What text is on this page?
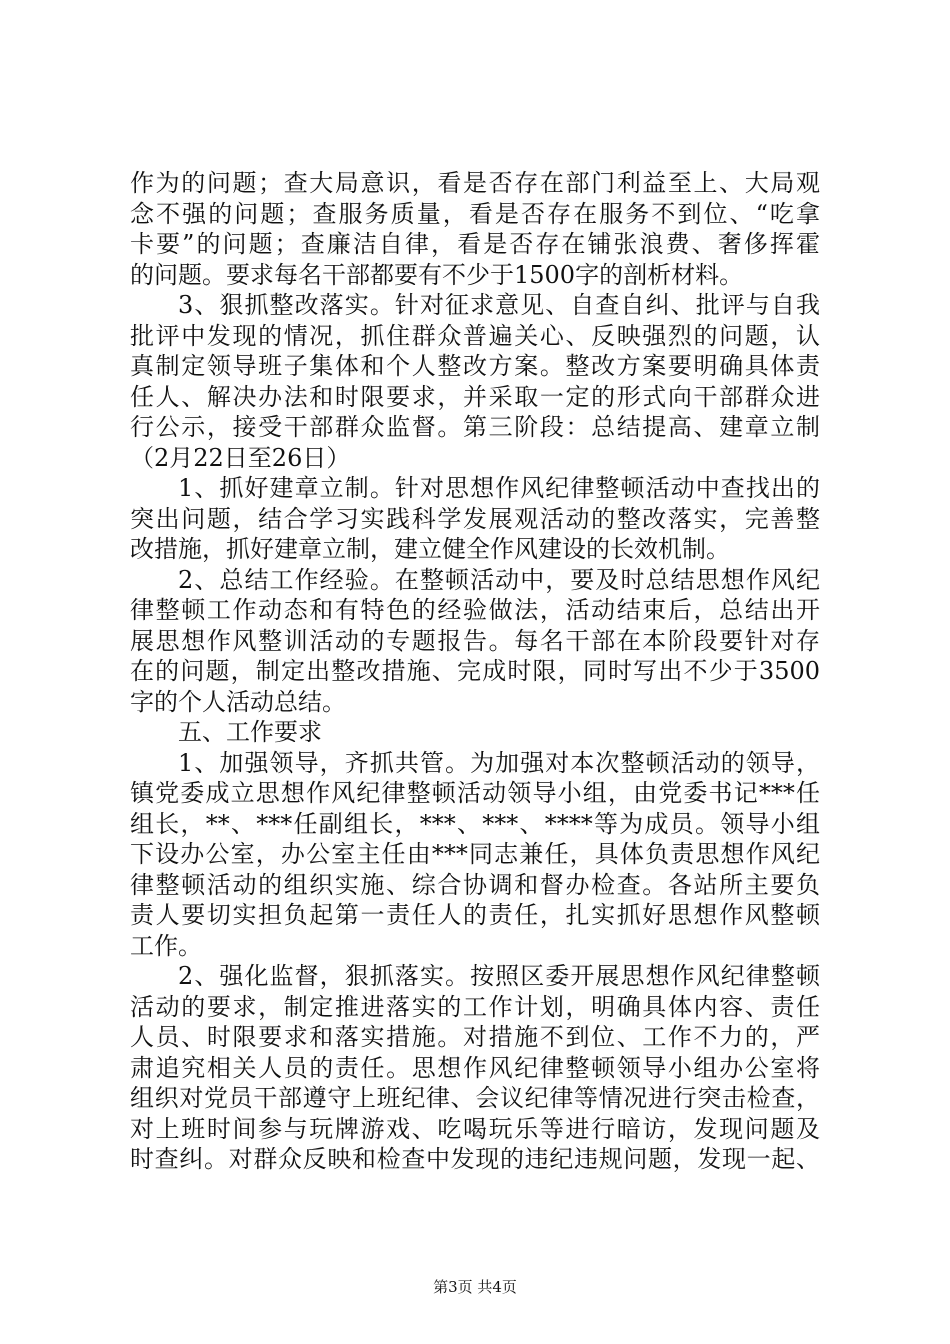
作为的问题；查大局意识，看是否存在部门利益至上、大局观
念不强的问题；查服务质量，看是否存在服务不到位、“吃拿
卡要”的问题；查廉洁自律，看是否存在铺张浪费、奢侈挥霍
的问题。要求每名干部都要有不少于1500字的剖析材料。
3、狠抓整改落实。针对征求意见、自查自纠、批评与自我
批评中发现的情况，抓住群众普遍关心、反映强烈的问题，认
真制定领导班子集体和个人整改方案。整改方案要明确具体责
任人、解决办法和时限要求，并采取一定的形式向干部群众进
行公示，接受干部群众监督。第三阶段：总结提高、建章立制
（2月22日至26日）
1、抓好建章立制。针对思想作风纪律整顿活动中查找出的
突出问题，结合学习实践科学发展观活动的整改落实，完善整
改措施，抓好建章立制，建立健全作风建设的长效机制。
2、总结工作经验。在整顿活动中，要及时总结思想作风纪
律整顿工作动态和有特色的经验做法，活动结束后，总结出开
展思想作风整训活动的专题报告。每名干部在本阶段要针对存
在的问题，制定出整改措施、完成时限，同时写出不少于3500
字的个人活动总结。
五、工作要求
1、加强领导，齐抓共管。为加强对本次整顿活动的领导，
镇党委成立思想作风纪律整顿活动领导小组，由党委书记***任
组长，**、***任副组长，***、***、****等为成员。领导小组
下设办公室，办公室主任由***同志兼任，具体负责思想作风纪
律整顿活动的组织实施、综合协调和督办检查。各站所主要负
责人要切实担负起第一责任人的责任，扎实抓好思想作风整顿
工作。
2、强化监督，狠抓落实。按照区委开展思想作风纪律整顿
活动的要求，制定推进落实的工作计划，明确具体内容、责任
人员、时限要求和落实措施。对措施不到位、工作不力的，严
肃追究相关人员的责任。思想作风纪律整顿领导小组办公室将
组织对党员干部遵守上班纪律、会议纪律等情况进行突击检查，
对上班时间参与玩牌游戏、吃喝玩乐等进行暗访，发现问题及
时查纠。对群众反映和检查中发现的违纪违规问题，发现一起、
第3页 共4页
